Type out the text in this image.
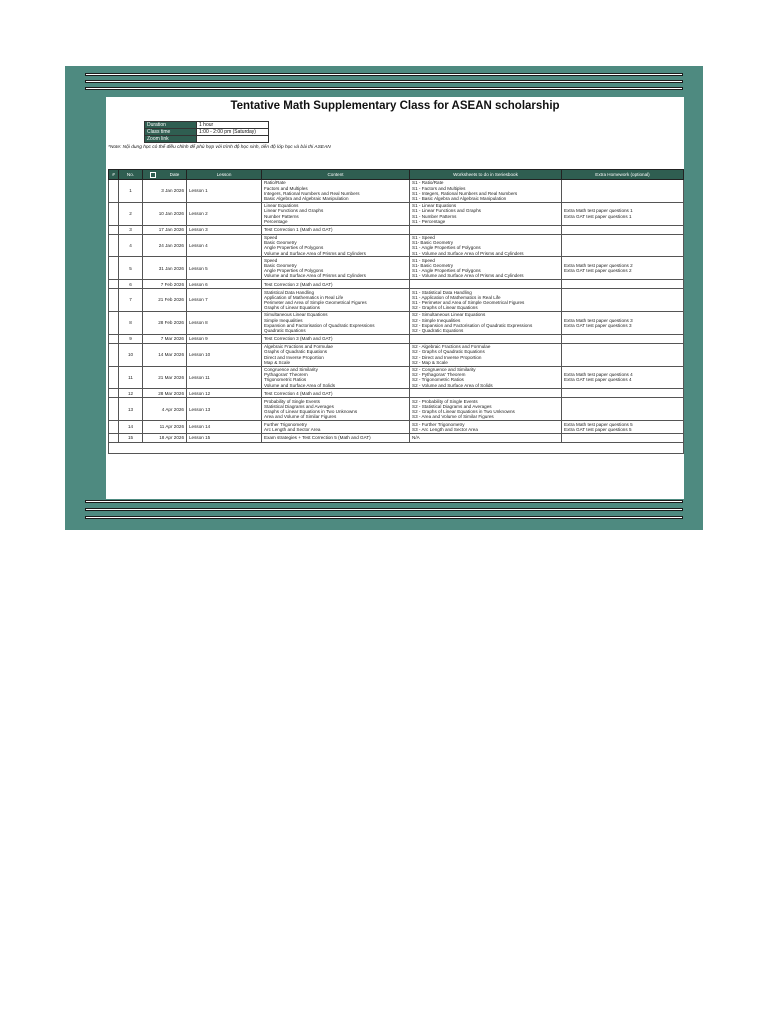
Tentative Math Supplementary Class for ASEAN scholarship
Duration	1 hour
Class time	1:00 - 2:00 pm (Saturday)
Zoom link	
*Note: Nội dung học có thể điều chỉnh để phù hợp với trình độ học sinh, tiến độ lớp học và bài thi ASEAN
#	No.	Date	Lesson	Content	Worksheets to do in Seriesbook	Extra Homework (optional)
	1	3 Jan 2026	Lesson 1	Ratio/Rate
Factors and Multiples
Integers, Rational Numbers and Real Numbers
Basic Algebra and Algebraic Manipulation	S1 - Ratio/Rate
S1 - Factors and Multiples
S1 - Integers, Rational Numbers and Real Numbers
S1 - Basic Algebra and Algebraic Manipulation	
	2	10 Jan 2026	Lesson 2	Linear Equations
Linear Functions and Graphs
Number Patterns
Percentage	S1 - Linear Equations
S1 - Linear Functions and Graphs
S1 - Number Patterns
S1 - Percentage	Extra Math test paper questions 1
Extra GAT test paper questions 1
	3	17 Jan 2026	Lesson 3	Test Correction 1 (Math and GAT)		
	4	24 Jan 2026	Lesson 4	Speed
Basic Geometry
Angle Properties of Polygons
Volume and Surface Area of Prisms and Cylinders	S1 - Speed
S1- Basic Geometry
S1 - Angle Properties of Polygons
S1 - Volume and Surface Area of Prisms and Cylinders	
	5	31 Jan 2026	Lesson 5	Speed
Basic Geometry
Angle Properties of Polygons
Volume and Surface Area of Prisms and Cylinders	S1 - Speed
S1- Basic Geometry
S1 - Angle Properties of Polygons
S1 - Volume and Surface Area of Prisms and Cylinders	Extra Math test paper questions 2
Extra GAT test paper questions 2
	6	7 Feb 2026	Lesson 6	Test Correction 2 (Math and GAT)		
	7	21 Feb 2026	Lesson 7	Statistical Data Handling
Application of Mathematics in Real Life
Perimeter and Area of Simple Geometrical Figures
Graphs of Linear Equations	S1 - Statistical Data Handling
S1 - Application of Mathematics in Real Life
S1 - Perimeter and Area of Simple Geometrical Figures
S2 - Graphs of Linear Equations	
	8	28 Feb 2026	Lesson 8	Simultaneous Linear Equations
Simple Inequalities
Expansion and Factorisation of Quadratic Expressions
Quadratic Equations	S2 - Simultaneous Linear Equations
S2 - Simple Inequalities
S2 - Expansion and Factorisation of Quadratic Expressions
S2 - Quadratic Equations	Extra Math test paper questions 3
Extra GAT test paper questions 3
	9	7 Mar 2026	Lesson 9	Test Correction 3 (Math and GAT)		
	10	14 Mar 2026	Lesson 10	Algebraic Fractions and Formulae
Graphs of Quadratic Equations
Direct and Inverse Proportion
Map & Scale	S2 - Algebraic Fractions and Formulae
S2 - Graphs of Quadratic Equations
S2 - Direct and Inverse Proportion
S2 - Map & Scale	
	11	21 Mar 2026	Lesson 11	Congruence and Similarity
Pythagoras' Theorem
Trigonometric Ratios
Volume and Surface Area of Solids	S2 - Congruence and Similarity
S2 - Pythagoras' Theorem
S2 - Trigonometric Ratios
S2 - Volume and Surface Area of Solids	Extra Math test paper questions 4
Extra GAT test paper questions 4
	12	28 Mar 2026	Lesson 12	Test Correction 4 (Math and GAT)		
	13	4 Apr 2026	Lesson 13	Probability of Single Events
Statistical Diagrams and Averages
Graphs of Linear Equations in Two Unknowns
Area and Volume of Similar Figures	S2 - Probability of Single Events
S2 - Statistical Diagrams and Averages
S2 - Graphs of Linear Equations in Two Unknowns
S3 - Area and Volume of Similar Figures	
	14	11 Apr 2026	Lesson 14	Further Trigonometry
Arc Length and Sector Area	S3 - Further Trigonometry
S3 - Arc Length and Sector Area	Extra Math test paper questions 5
Extra GAT test paper questions 5
	15	18 Apr 2026	Lesson 15	Exam strategies + Test Correction 5 (Math and GAT)	N/A	
